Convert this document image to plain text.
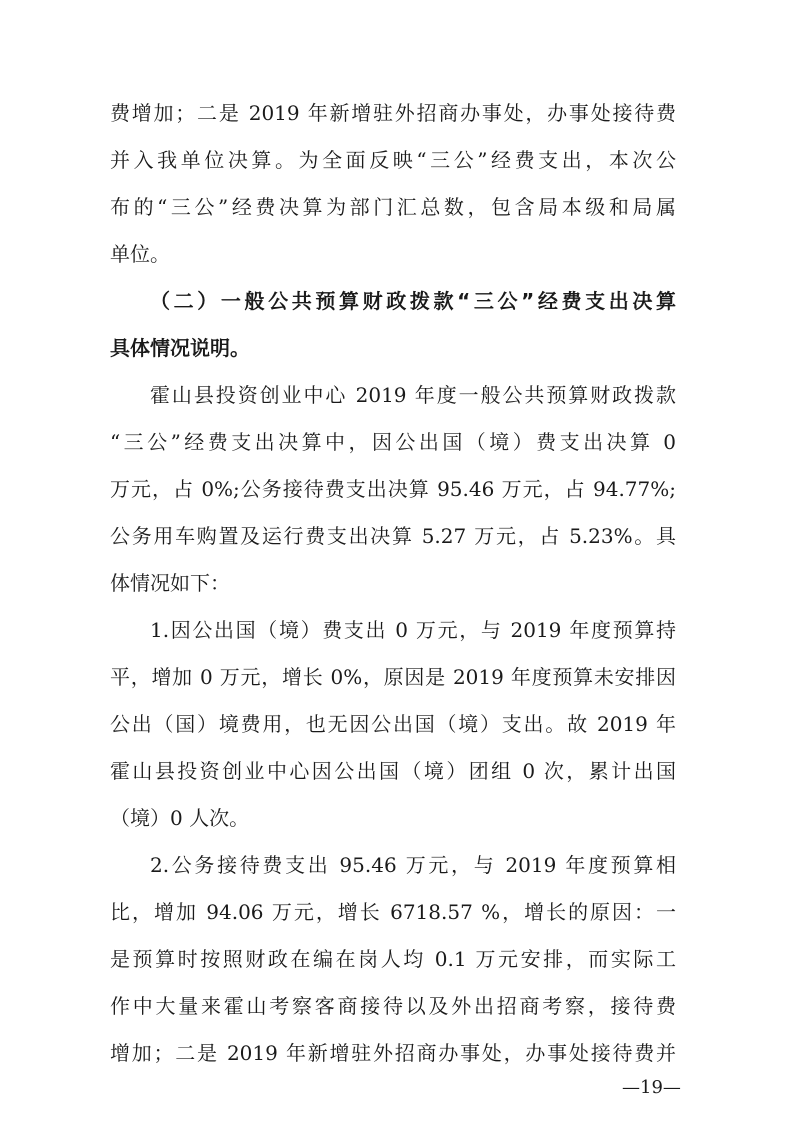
费增加；二是 2019 年新增驻外招商办事处，办事处接待费
并入我单位决算。为全面反映“三公”经费支出，本次公
布的“三公”经费决算为部门汇总数，包含局本级和局属
单位。
（二）一般公共预算财政拨款“三公”经费支出决算
具体情况说明。
霍山县投资创业中心 2019 年度一般公共预算财政拨款
“三公”经费支出决算中，因公出国（境）费支出决算 0
万元，占 0%;公务接待费支出决算 95.46 万元，占 94.77%;
公务用车购置及运行费支出决算 5.27 万元，占 5.23%。具
体情况如下：
1.因公出国（境）费支出 0 万元，与 2019 年度预算持
平，增加 0 万元，增长 0%，原因是 2019 年度预算未安排因
公出（国）境费用，也无因公出国（境）支出。故 2019 年
霍山县投资创业中心因公出国（境）团组 0 次，累计出国
（境）0 人次。
2.公务接待费支出 95.46 万元，与 2019 年度预算相
比，增加 94.06 万元，增长 6718.57 %，增长的原因：一
是预算时按照财政在编在岗人均 0.1 万元安排，而实际工
作中大量来霍山考察客商接待以及外出招商考察，接待费
增加；二是 2019 年新增驻外招商办事处，办事处接待费并
—19—
